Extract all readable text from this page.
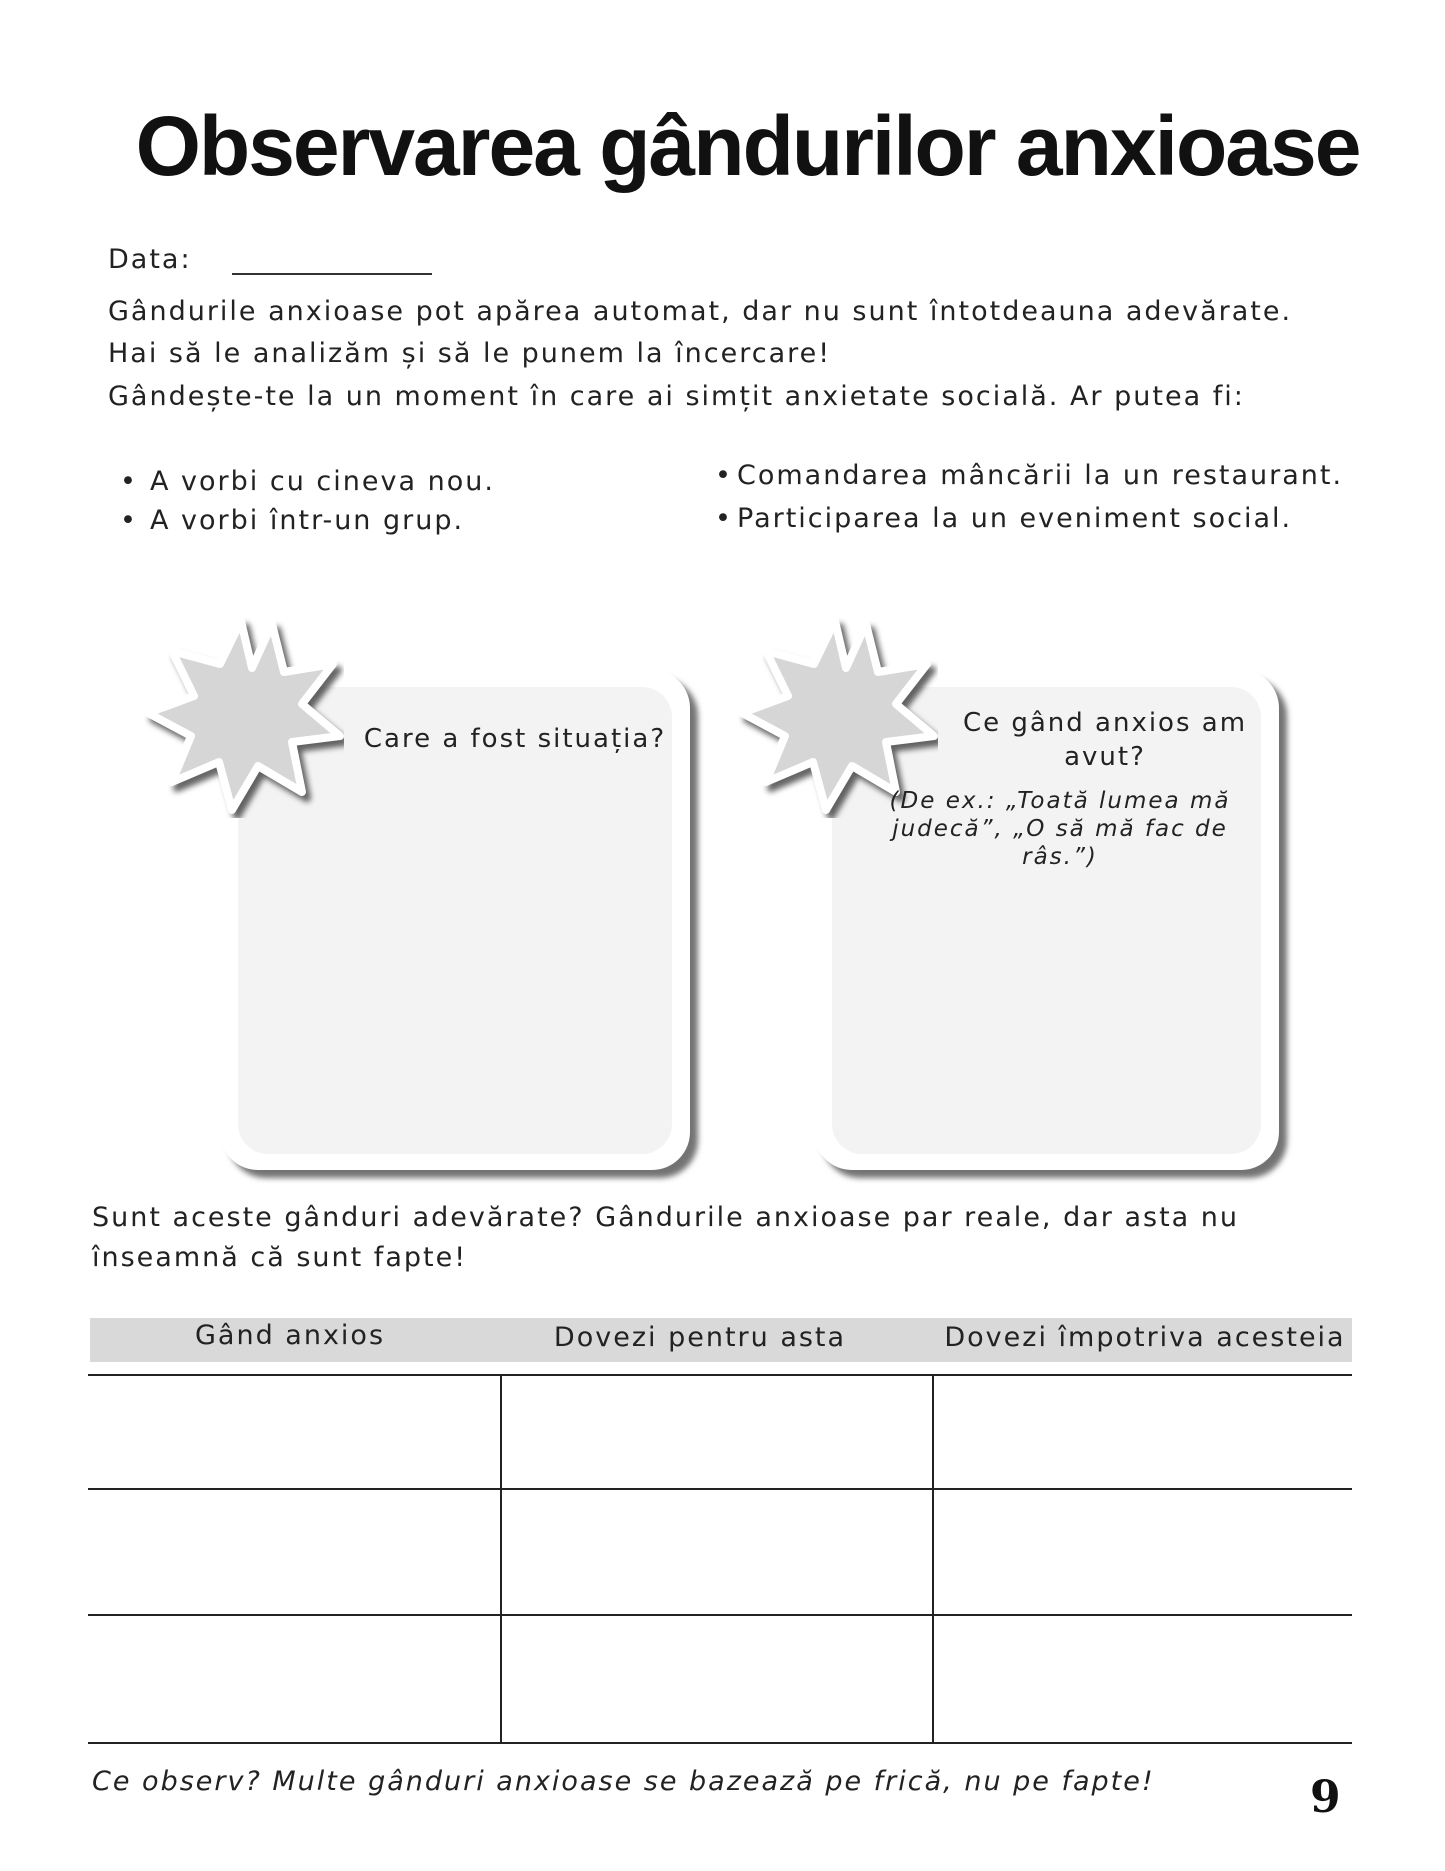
Observarea gândurilor anxioase
Data:
Gândurile anxioase pot apărea automat, dar nu sunt întotdeauna adevărate.
Hai să le analizăm și să le punem la încercare!
Gândește-te la un moment în care ai simțit anxietate socială. Ar putea fi:
• A vorbi cu cineva nou.
• A vorbi într-un grup.
• Comandarea mâncării la un restaurant.
• Participarea la un eveniment social.
Care a fost situația?
Ce gând anxios am avut?
(De ex.: „Toată lumea mă judecă”, „O să mă fac de râs.”)
Sunt aceste gânduri adevărate? Gândurile anxioase par reale, dar asta nu înseamnă că sunt fapte!
Gând anxios	Dovezi pentru asta	Dovezi împotriva acesteia
Ce observ? Multe gânduri anxioase se bazează pe frică, nu pe fapte!	9
